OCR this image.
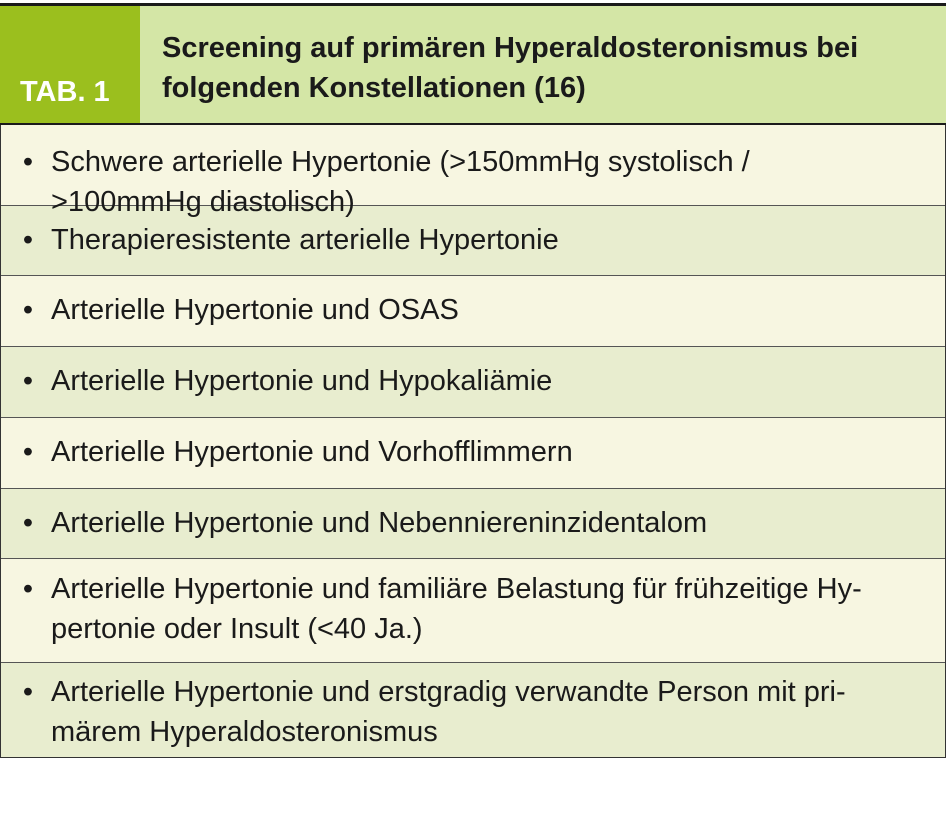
TAB. 1
Screening auf primären Hyperaldosteronismus bei
folgenden Konstellationen (16)
• Schwere arterielle Hypertonie (>150mmHg systolisch /
>100mmHg diastolisch)
• Therapieresistente arterielle Hypertonie
• Arterielle Hypertonie und OSAS
• Arterielle Hypertonie und Hypokaliämie
• Arterielle Hypertonie und Vorhofflimmern
• Arterielle Hypertonie und Nebenniereninzidentalom
• Arterielle Hypertonie und familiäre Belastung für frühzeitige Hy-
pertonie oder Insult (<40 Ja.)
• Arterielle Hypertonie und erstgradig verwandte Person mit pri-
märem Hyperaldosteronismus
